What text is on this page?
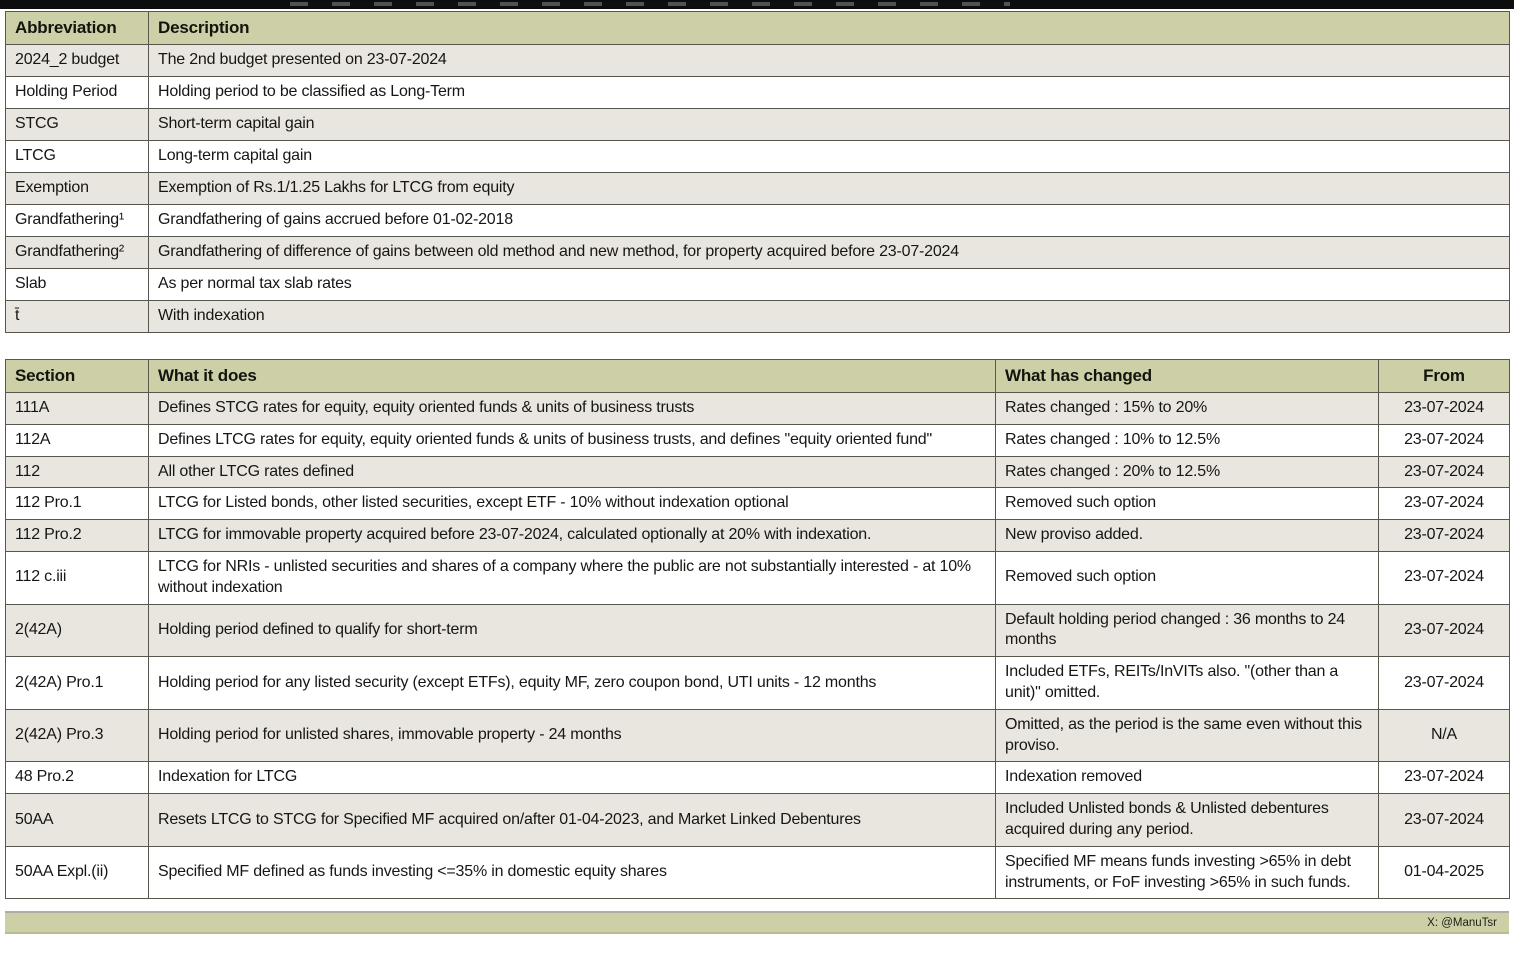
Abbreviation	Description
2024_2 budget	The 2nd budget presented on 23-07-2024
Holding Period	Holding period to be classified as Long-Term
STCG	Short-term capital gain
LTCG	Long-term capital gain
Exemption	Exemption of Rs.1/1.25 Lakhs for LTCG from equity
Grandfathering¹	Grandfathering of gains accrued before 01-02-2018
Grandfathering²	Grandfathering of difference of gains between old method and new method, for property acquired before 23-07-2024
Slab	As per normal tax slab rates
t̄	With indexation
Section	What it does	What has changed	From
111A	Defines STCG rates for equity, equity oriented funds & units of business trusts	Rates changed : 15% to 20%	23-07-2024
112A	Defines LTCG rates for equity, equity oriented funds & units of business trusts, and defines "equity oriented fund"	Rates changed : 10% to 12.5%	23-07-2024
112	All other LTCG rates defined	Rates changed : 20% to 12.5%	23-07-2024
112 Pro.1	LTCG for Listed bonds, other listed securities, except ETF - 10% without indexation optional	Removed such option	23-07-2024
112 Pro.2	LTCG for immovable property acquired before 23-07-2024, calculated optionally at 20% with indexation.	New proviso added.	23-07-2024
112 c.iii	LTCG for NRIs - unlisted securities and shares of a company where the public are not substantially interested - at 10% without indexation	Removed such option	23-07-2024
2(42A)	Holding period defined to qualify for short-term	Default holding period changed : 36 months to 24 months	23-07-2024
2(42A) Pro.1	Holding period for any listed security (except ETFs), equity MF, zero coupon bond, UTI units - 12 months	Included ETFs, REITs/InVITs also. "(other than a unit)" omitted.	23-07-2024
2(42A) Pro.3	Holding period for unlisted shares, immovable property - 24 months	Omitted, as the period is the same even without this proviso.	N/A
48 Pro.2	Indexation for LTCG	Indexation removed	23-07-2024
50AA	Resets LTCG to STCG for Specified MF acquired on/after 01-04-2023, and Market Linked Debentures	Included Unlisted bonds & Unlisted debentures acquired during any period.	23-07-2024
50AA Expl.(ii)	Specified MF defined as funds investing <=35% in domestic equity shares	Specified MF means funds investing >65% in debt instruments, or FoF investing >65% in such funds.	01-04-2025
X: @ManuTsr
